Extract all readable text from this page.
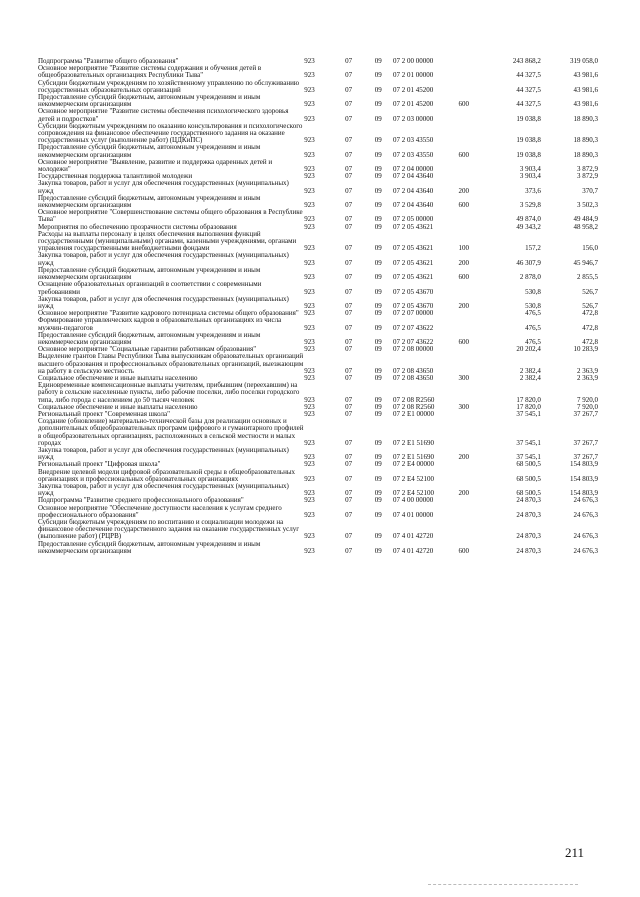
Подпрограмма "Развитие общего образования"	923	07	09	07 2 00 00000		243 868,2	319 058,0
Основное мероприятие "Развитие системы содержания и обучения детей в общеобразовательных организациях Республики Тыва"	923	07	09	07 2 01 00000		44 327,5	43 981,6
Субсидии бюджетным учреждениям по хозяйственному управлению по обслуживанию государственных образовательных организаций	923	07	09	07 2 01 45200		44 327,5	43 981,6
Предоставление субсидий бюджетным, автономным учреждениям и иным некоммерческим организациям	923	07	09	07 2 01 45200	600	44 327,5	43 981,6
Основное мероприятие "Развитие системы обеспечения психологического здоровья детей и подростков"	923	07	09	07 2 03 00000		19 038,8	18 890,3
Субсидии бюджетным учреждениям по оказанию консультирования и психологического сопровождения на финансовое обеспечение государственного задания на оказание государственных услуг (выполнение работ) (ЦДКиПС)	923	07	09	07 2 03 43550		19 038,8	18 890,3
Предоставление субсидий бюджетным, автономным учреждениям и иным некоммерческим организациям	923	07	09	07 2 03 43550	600	19 038,8	18 890,3
Основное мероприятие "Выявление, развитие и поддержка одаренных детей и молодежи"	923	07	09	07 2 04 00000		3 903,4	3 872,9
Государственная поддержка талантливой молодежи	923	07	09	07 2 04 43640		3 903,4	3 872,9
Закупка товаров, работ и услуг для обеспечения государственных (муниципальных) нужд	923	07	09	07 2 04 43640	200	373,6	370,7
Предоставление субсидий бюджетным, автономным учреждениям и иным некоммерческим организациям	923	07	09	07 2 04 43640	600	3 529,8	3 502,3
Основное мероприятие "Совершенствование системы общего образования в Республике Тыва"	923	07	09	07 2 05 00000		49 874,0	49 484,9
Мероприятия по обеспечению прозрачности системы образования	923	07	09	07 2 05 43621		49 343,2	48 958,2
Расходы на выплаты персоналу в целях обеспечения выполнения функций государственными (муниципальными) органами, казенными учреждениями, органами управления государственными внебюджетными фондами	923	07	09	07 2 05 43621	100	157,2	156,0
Закупка товаров, работ и услуг для обеспечения государственных (муниципальных) нужд	923	07	09	07 2 05 43621	200	46 307,9	45 946,7
Предоставление субсидий бюджетным, автономным учреждениям и иным некоммерческим организациям	923	07	09	07 2 05 43621	600	2 878,0	2 855,5
Оснащение образовательных организаций в соответствии с современными требованиями	923	07	09	07 2 05 43670		530,8	526,7
Закупка товаров, работ и услуг для обеспечения государственных (муниципальных) нужд	923	07	09	07 2 05 43670	200	530,8	526,7
Основное мероприятие "Развитие кадрового потенциала системы общего образования"	923	07	09	07 2 07 00000		476,5	472,8
Формирование управленческих кадров в образовательных организациях из числа мужчин-педагогов	923	07	09	07 2 07 43622		476,5	472,8
Предоставление субсидий бюджетным, автономным учреждениям и иным некоммерческим организациям	923	07	09	07 2 07 43622	600	476,5	472,8
Основное мероприятие "Социальные гарантии работникам образования"	923	07	09	07 2 08 00000		20 202,4	10 283,9
Выделение грантов Главы Республики Тыва выпускникам образовательных организаций высшего образования и профессиональных образовательных организаций, выезжающим на работу в сельскую местность	923	07	09	07 2 08 43650		2 382,4	2 363,9
Социальное обеспечение и иные выплаты населению	923	07	09	07 2 08 43650	300	2 382,4	2 363,9
Единовременные компенсационные выплаты учителям, прибывшим (переехавшим) на работу в сельские населенные пункты, либо рабочие поселки, либо поселки городского типа, либо города с населением до 50 тысяч человек	923	07	09	07 2 08 R2560		17 820,0	7 920,0
Социальное обеспечение и иные выплаты населению	923	07	09	07 2 08 R2560	300	17 820,0	7 920,0
Региональный проект "Современная школа"	923	07	09	07 2 E1 00000		37 545,1	37 267,7
Создание (обновление) материально-технической базы для реализации основных и дополнительных общеобразовательных программ цифрового и гуманитарного профилей в общеобразовательных организациях, расположенных в сельской местности и малых городах	923	07	09	07 2 E1 51690		37 545,1	37 267,7
Закупка товаров, работ и услуг для обеспечения государственных (муниципальных) нужд	923	07	09	07 2 E1 51690	200	37 545,1	37 267,7
Региональный проект "Цифровая школа"	923	07	09	07 2 E4 00000		68 500,5	154 803,9
Внедрение целевой модели цифровой образовательной среды в общеобразовательных организациях и профессиональных образовательных организациях	923	07	09	07 2 E4 52100		68 500,5	154 803,9
Закупка товаров, работ и услуг для обеспечения государственных (муниципальных) нужд	923	07	09	07 2 E4 52100	200	68 500,5	154 803,9
Подпрограмма "Развитие среднего профессионального образования"	923	07	09	07 4 00 00000		24 870,3	24 676,3
Основное мероприятие "Обеспечение доступности населения к услугам среднего профессионального образования"	923	07	09	07 4 01 00000		24 870,3	24 676,3
Субсидии бюджетным учреждениям по воспитанию и социализации молодежи на финансовое обеспечение государственного задания на оказание государственных услуг (выполнение работ) (РЦРВ)	923	07	09	07 4 01 42720		24 870,3	24 676,3
Предоставление субсидий бюджетным, автономным учреждениям и иным некоммерческим организациям	923	07	09	07 4 01 42720	600	24 870,3	24 676,3
211
